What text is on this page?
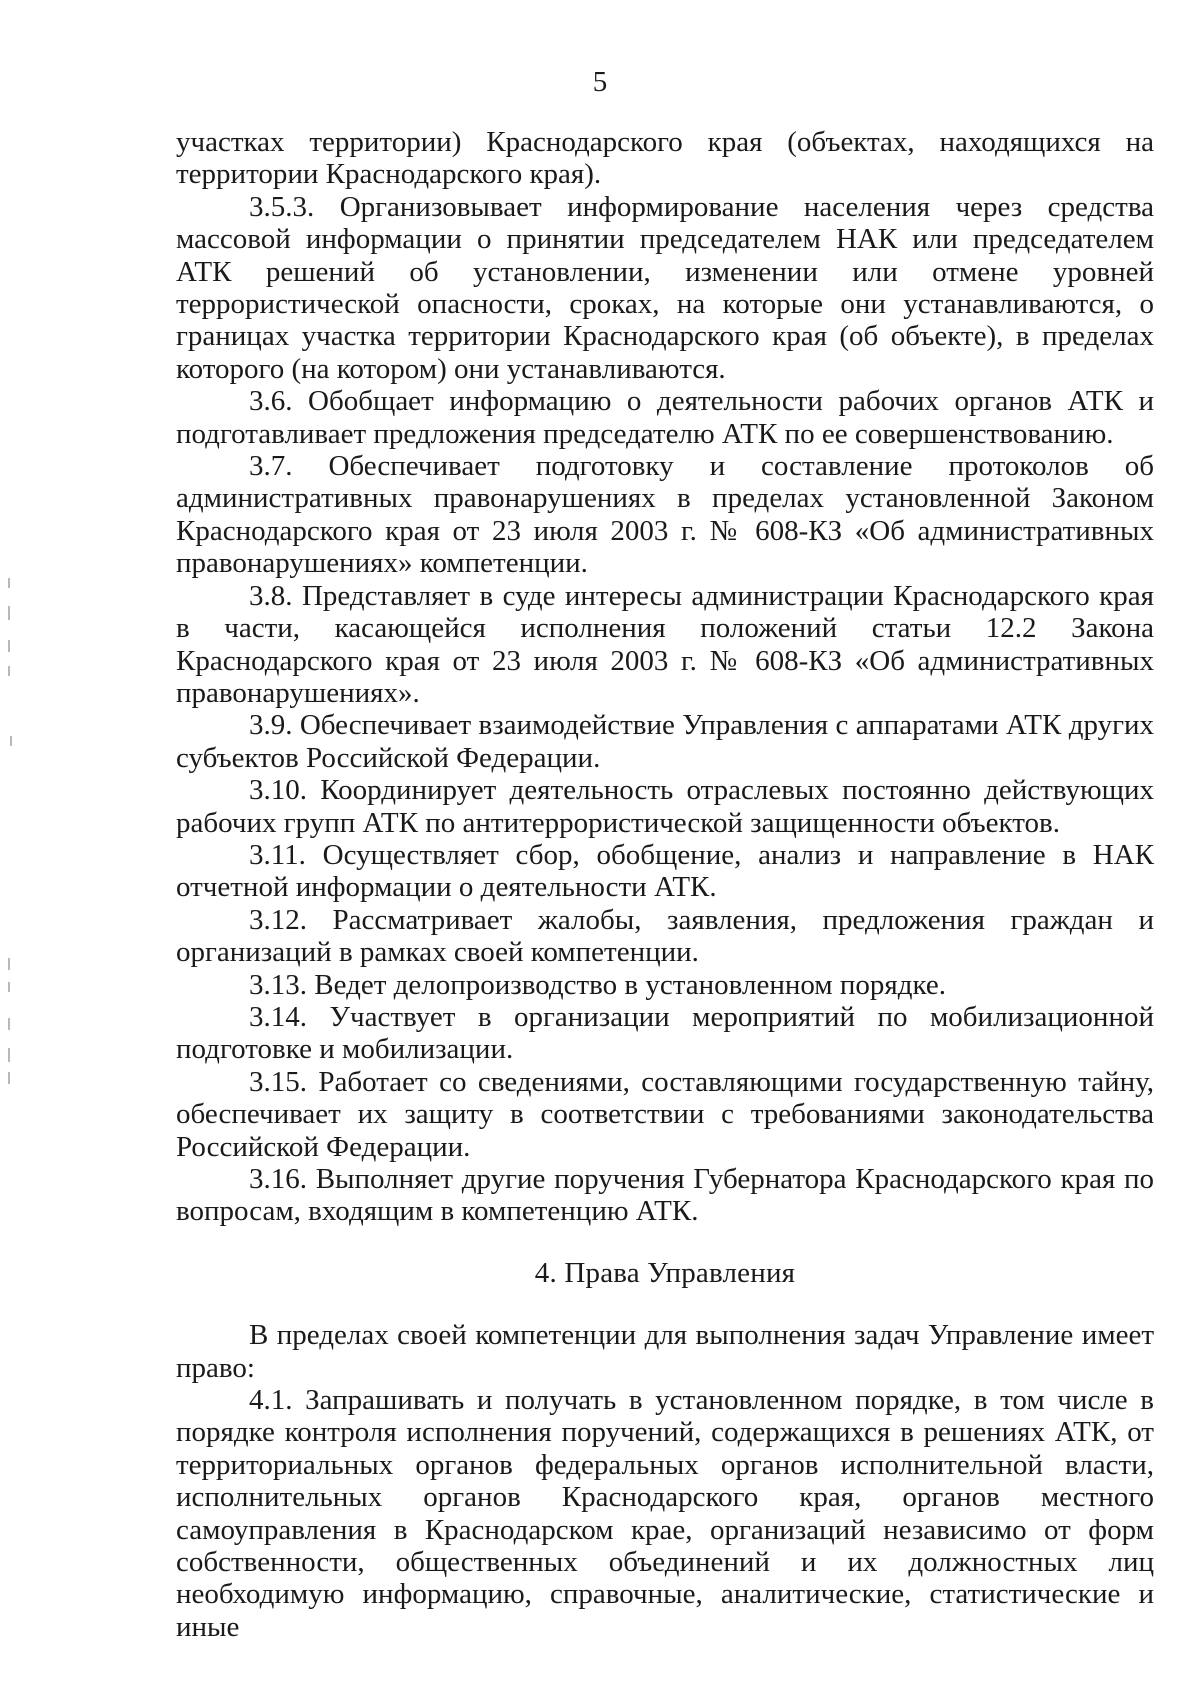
5

участках территории) Краснодарского края (объектах, находящихся на территории Краснодарского края).

3.5.3. Организовывает информирование населения через средства массовой информации о принятии председателем НАК или председателем АТК решений об установлении, изменении или отмене уровней террористической опасности, сроках, на которые они устанавливаются, о границах участка территории Краснодарского края (об объекте), в пределах которого (на котором) они устанавливаются.

3.6. Обобщает информацию о деятельности рабочих органов АТК и подготавливает предложения председателю АТК по ее совершенствованию.

3.7. Обеспечивает подготовку и составление протоколов об административных правонарушениях в пределах установленной Законом Краснодарского края от 23 июля 2003 г. № 608-КЗ «Об административных правонарушениях» компетенции.

3.8. Представляет в суде интересы администрации Краснодарского края в части, касающейся исполнения положений статьи 12.2 Закона Краснодарского края от 23 июля 2003 г. № 608-КЗ «Об административных правонарушениях».

3.9. Обеспечивает взаимодействие Управления с аппаратами АТК других субъектов Российской Федерации.

3.10. Координирует деятельность отраслевых постоянно действующих рабочих групп АТК по антитеррористической защищенности объектов.

3.11. Осуществляет сбор, обобщение, анализ и направление в НАК отчетной информации о деятельности АТК.

3.12. Рассматривает жалобы, заявления, предложения граждан и организаций в рамках своей компетенции.

3.13. Ведет делопроизводство в установленном порядке.

3.14. Участвует в организации мероприятий по мобилизационной подготовке и мобилизации.

3.15. Работает со сведениями, составляющими государственную тайну, обеспечивает их защиту в соответствии с требованиями законодательства Российской Федерации.

3.16. Выполняет другие поручения Губернатора Краснодарского края по вопросам, входящим в компетенцию АТК.

4. Права Управления

В пределах своей компетенции для выполнения задач Управление имеет право:

4.1. Запрашивать и получать в установленном порядке, в том числе в порядке контроля исполнения поручений, содержащихся в решениях АТК, от территориальных органов федеральных органов исполнительной власти, исполнительных органов Краснодарского края, органов местного самоуправления в Краснодарском крае, организаций независимо от форм собственности, общественных объединений и их должностных лиц необходимую информацию, справочные, аналитические, статистические и иные
